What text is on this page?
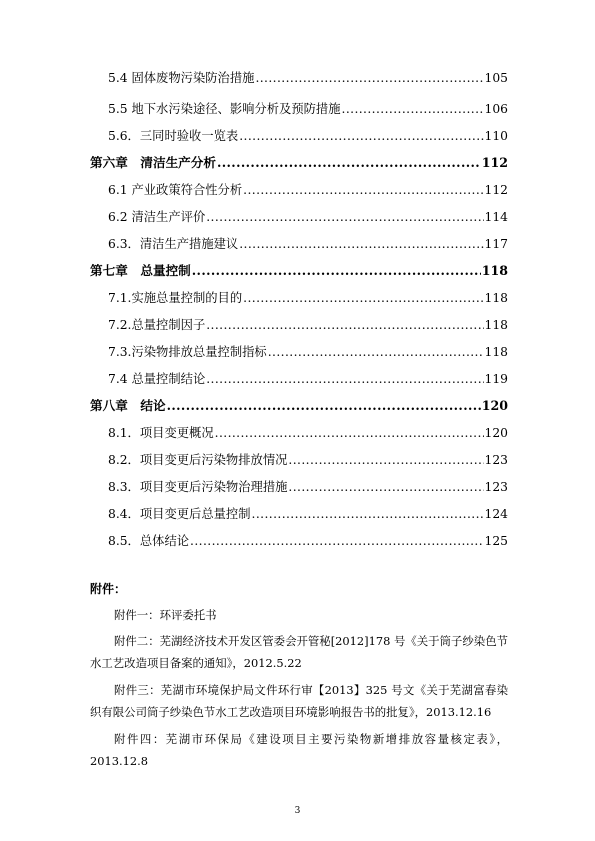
5.4 固体废物污染防治措施 .....	105
5.5 地下水污染途径、影响分析及预防措施 .....	106
5.6．三同时验收一览表 .....	110
第六章　清洁生产分析 .....	112
6.1 产业政策符合性分析 .....	112
6.2 清洁生产评价 .....	114
6.3．清洁生产措施建议 .....	117
第七章　总量控制 .....	118
7.1.实施总量控制的目的 .....	118
7.2.总量控制因子 .....	118
7.3.污染物排放总量控制指标 .....	118
7.4 总量控制结论 .....	119
第八章　结论 .....	120
8.1．项目变更概况 .....	120
8.2．项目变更后污染物排放情况 .....	123
8.3．项目变更后污染物治理措施 .....	123
8.4．项目变更后总量控制 .....	124
8.5．总体结论 .....	125
附件：
附件一：环评委托书
附件二：芜湖经济技术开发区管委会开管秘[2012]178 号《关于筒子纱染色节水工艺改造项目备案的通知》，2012.5.22
附件三：芜湖市环境保护局文件环行审【2013】325 号文《关于芜湖富春染织有限公司筒子纱染色节水工艺改造项目环境影响报告书的批复》，2013.12.16
附件四：芜湖市环保局《建设项目主要污染物新增排放容量核定表》，2013.12.8
3
